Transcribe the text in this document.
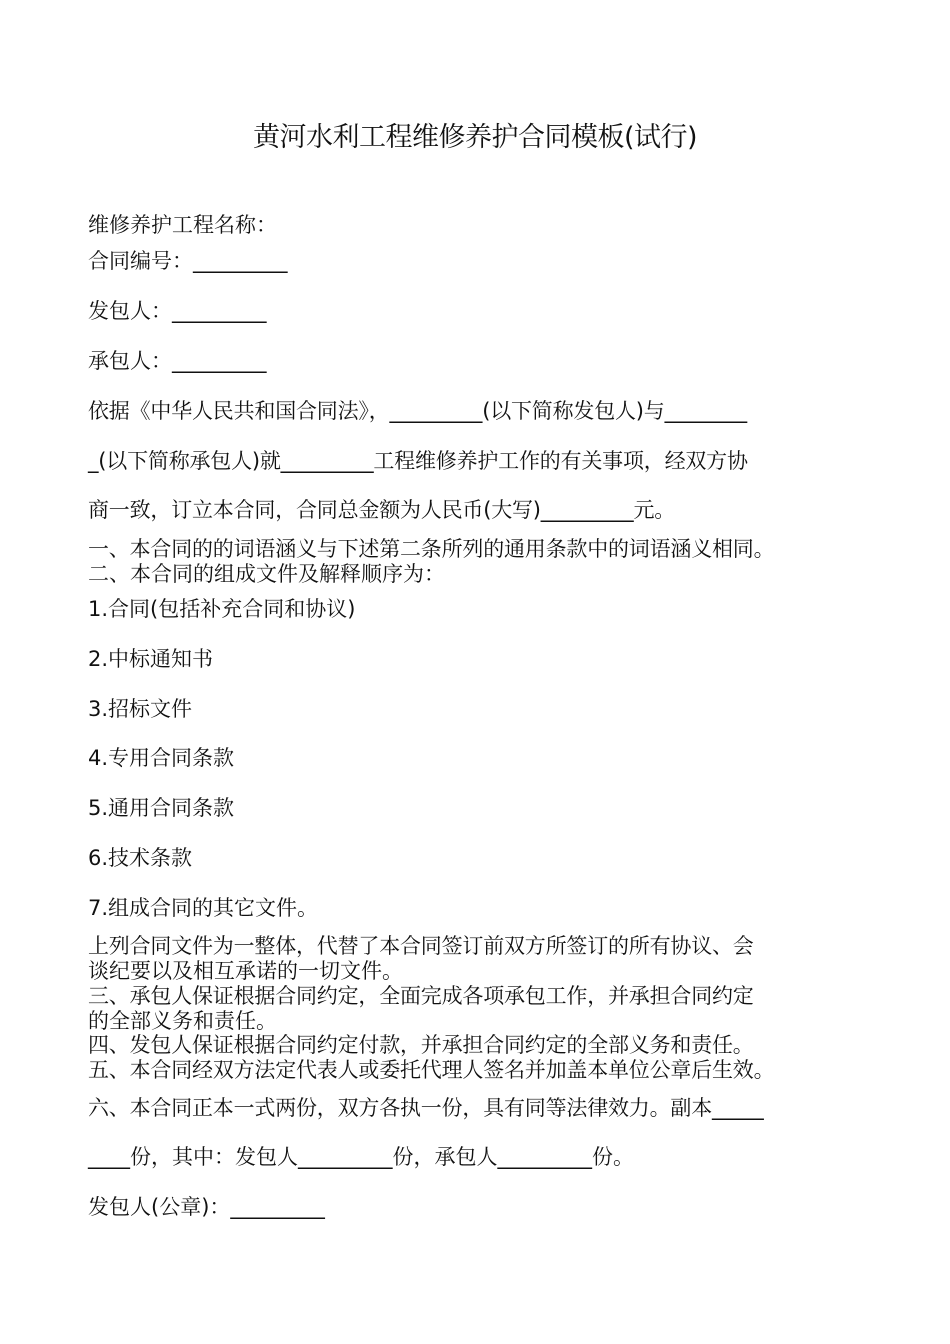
黄河水利工程维修养护合同模板(试行)
维修养护工程名称：
合同编号：_________
发包人：_________
承包人：_________
依据《中华人民共和国合同法》，_________(以下简称发包人)与________
_(以下简称承包人)就_________工程维修养护工作的有关事项，经双方协
商一致，订立本合同，合同总金额为人民币(大写)_________元。
一、本合同的的词语涵义与下述第二条所列的通用条款中的词语涵义相同。
二、本合同的组成文件及解释顺序为：
1.合同(包括补充合同和协议)
2.中标通知书
3.招标文件
4.专用合同条款
5.通用合同条款
6.技术条款
7.组成合同的其它文件。
上列合同文件为一整体，代替了本合同签订前双方所签订的所有协议、会
谈纪要以及相互承诺的一切文件。
三、承包人保证根据合同约定，全面完成各项承包工作，并承担合同约定
的全部义务和责任。
四、发包人保证根据合同约定付款，并承担合同约定的全部义务和责任。
五、本合同经双方法定代表人或委托代理人签名并加盖本单位公章后生效。
六、本合同正本一式两份，双方各执一份，具有同等法律效力。副本_____
____份，其中：发包人_________份，承包人_________份。
发包人(公章)：_________
